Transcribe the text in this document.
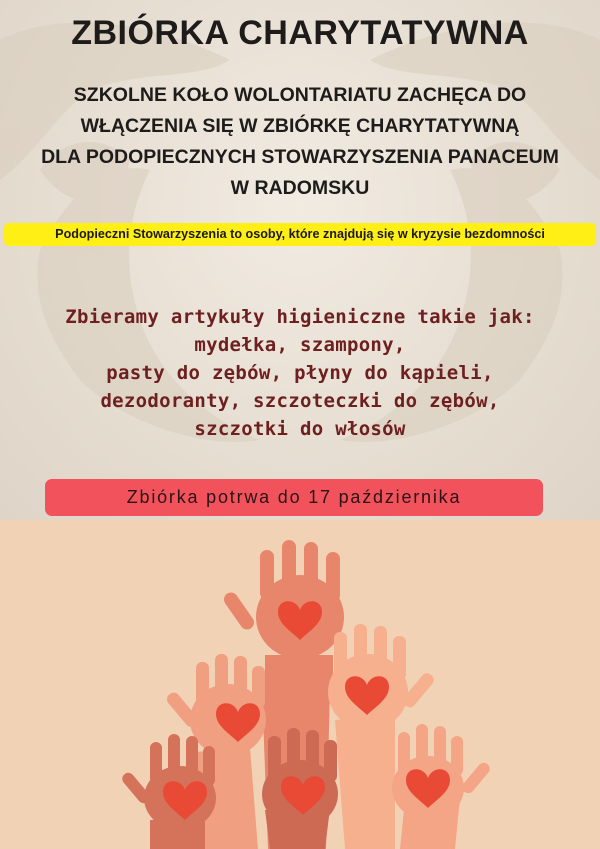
ZBIÓRKA CHARYTATYWNA
SZKOLNE KOŁO WOLONTARIATU ZACHĘCA DO
WŁĄCZENIA SIĘ W ZBIÓRKĘ CHARYTATYWNĄ
DLA PODOPIECZNYCH STOWARZYSZENIA PANACEUM
W RADOMSKU
Podopieczni Stowarzyszenia to osoby, które znajdują się w kryzysie bezdomności
Zbieramy artykuły higieniczne takie jak:
mydełka, szampony,
pasty do zębów, płyny do kąpieli,
dezodoranty, szczoteczki do zębów,
szczotki do włosów
Zbiórka potrwa do 17 października
